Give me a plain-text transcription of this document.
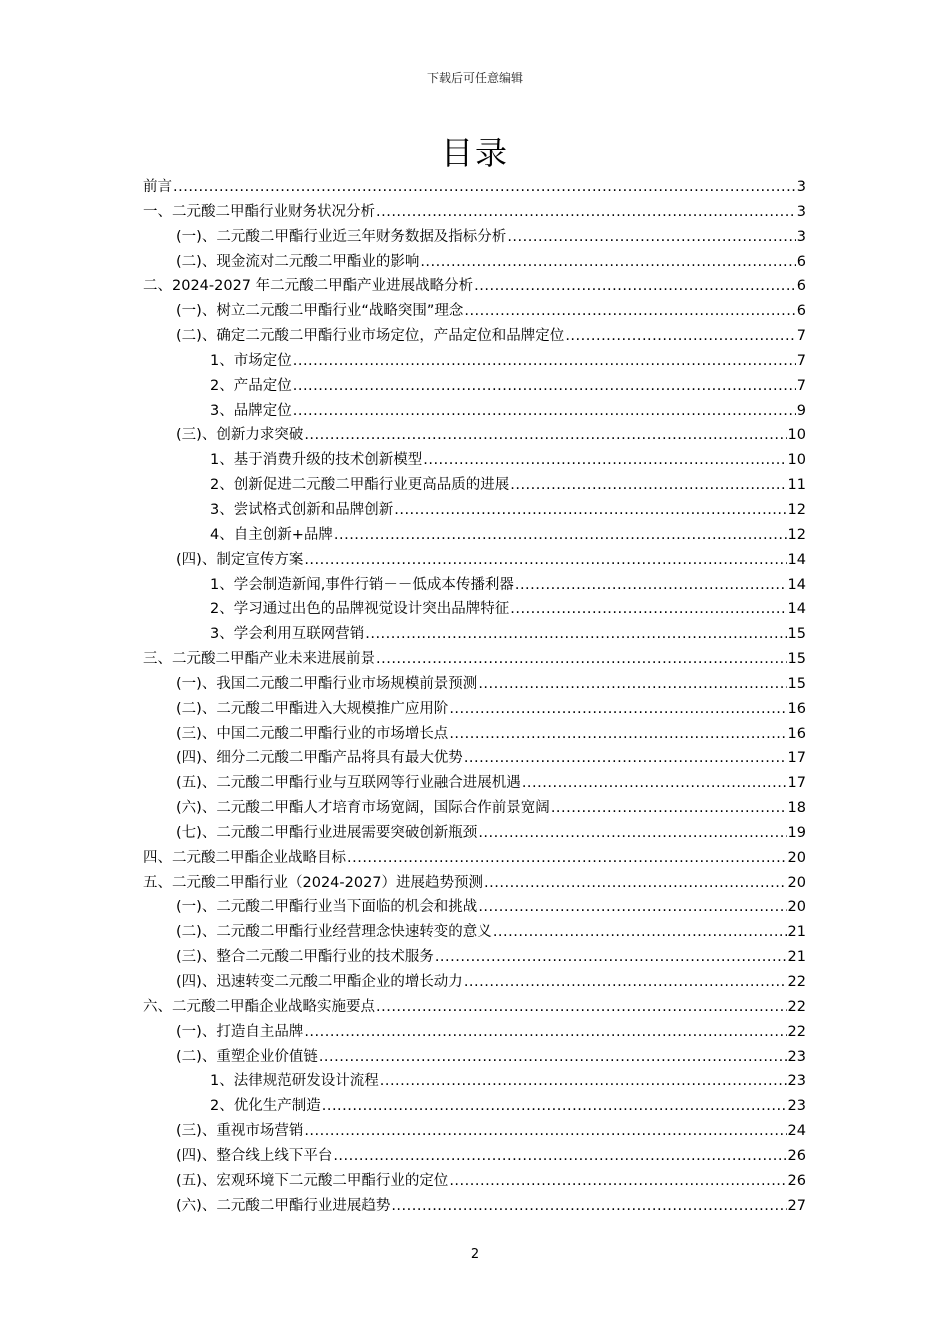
下载后可任意编辑
目录
前言 .....	3
一、二元酸二甲酯行业财务状况分析 .....	3
(一)、二元酸二甲酯行业近三年财务数据及指标分析 .....	3
(二)、现金流对二元酸二甲酯业的影响 .....	6
二、2024-2027 年二元酸二甲酯产业进展战略分析 .....	6
(一)、树立二元酸二甲酯行业“战略突围”理念 .....	6
(二)、确定二元酸二甲酯行业市场定位，产品定位和品牌定位 .....	7
1、市场定位 .....	7
2、产品定位 .....	7
3、品牌定位 .....	9
(三)、创新力求突破 .....	10
1、基于消费升级的技术创新模型 .....	10
2、创新促进二元酸二甲酯行业更高品质的进展 .....	11
3、尝试格式创新和品牌创新 .....	12
4、自主创新+品牌 .....	12
(四)、制定宣传方案 .....	14
1、学会制造新闻,事件行销－－低成本传播利器 .....	14
2、学习通过出色的品牌视觉设计突出品牌特征 .....	14
3、学会利用互联网营销 .....	15
三、二元酸二甲酯产业未来进展前景 .....	15
(一)、我国二元酸二甲酯行业市场规模前景预测 .....	15
(二)、二元酸二甲酯进入大规模推广应用阶 .....	16
(三)、中国二元酸二甲酯行业的市场增长点 .....	16
(四)、细分二元酸二甲酯产品将具有最大优势 .....	17
(五)、二元酸二甲酯行业与互联网等行业融合进展机遇 .....	17
(六)、二元酸二甲酯人才培育市场宽阔，国际合作前景宽阔 .....	18
(七)、二元酸二甲酯行业进展需要突破创新瓶颈 .....	19
四、二元酸二甲酯企业战略目标 .....	20
五、二元酸二甲酯行业（2024-2027）进展趋势预测 .....	20
(一)、二元酸二甲酯行业当下面临的机会和挑战 .....	20
(二)、二元酸二甲酯行业经营理念快速转变的意义 .....	21
(三)、整合二元酸二甲酯行业的技术服务 .....	21
(四)、迅速转变二元酸二甲酯企业的增长动力 .....	22
六、二元酸二甲酯企业战略实施要点 .....	22
(一)、打造自主品牌 .....	22
(二)、重塑企业价值链 .....	23
1、法律规范研发设计流程 .....	23
2、优化生产制造 .....	23
(三)、重视市场营销 .....	24
(四)、整合线上线下平台 .....	26
(五)、宏观环境下二元酸二甲酯行业的定位 .....	26
(六)、二元酸二甲酯行业进展趋势 .....	27
2
